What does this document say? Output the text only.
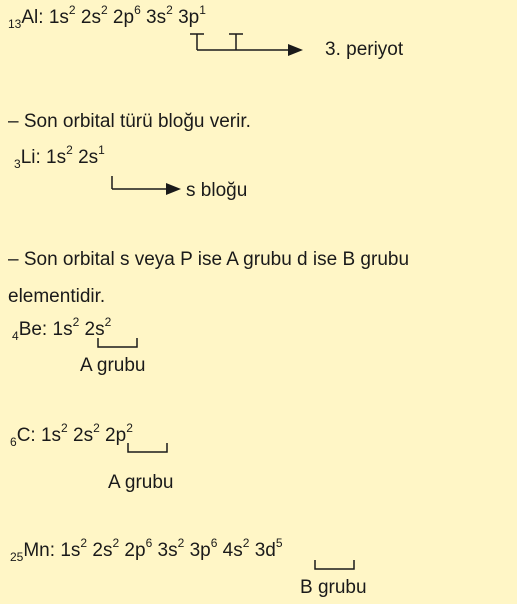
$_{13}$Al: $1s^2$ $2s^2$ $2p^6$ $3s^2$ $3p^1$
3. periyot
– Son orbital türü bloğu verir.
$_3$Li: $1s^2$ $2s^1$
s bloğu
– Son orbital s veya P ise A grubu d ise B grubu
elementidir.
$_4$Be: $1s^2$ $2s^2$
A grubu
$_6$C: $1s^2$ $2s^2$ $2p^2$
A grubu
$_{25}$Mn: $1s^2$ $2s^2$ $2p^6$ $3s^2$ $3p^6$ $4s^2$ $3d^5$
B grubu
